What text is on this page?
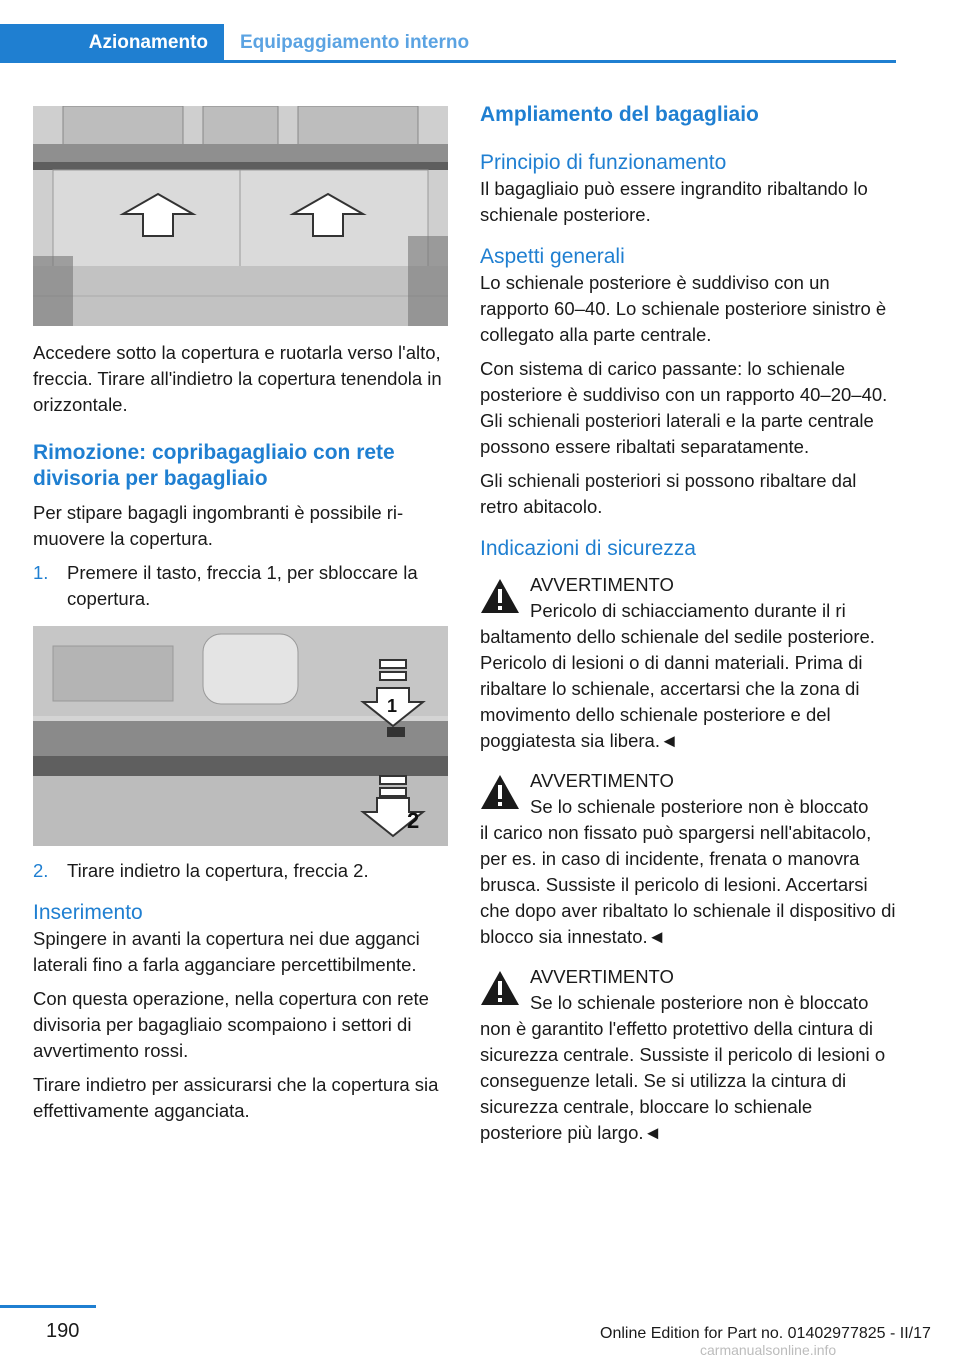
Azionamento	Equipaggiamento interno

Accedere sotto la copertura e ruotarla verso l'alto, freccia. Tirare all'indietro la copertura tenendola in orizzontale.

Rimozione: copribagagliaio con rete divisoria per bagagliaio

Per stipare bagagli ingombranti è possibile rimuovere la copertura.

1.	Premere il tasto, freccia 1, per sbloccare la copertura.
1
2
2.	Tirare indietro la copertura, freccia 2.
Inserimento

Spingere in avanti la copertura nei due agganci laterali fino a farla agganciare percettibilmente.

Con questa operazione, nella copertura con rete divisoria per bagagliaio scompaiono i settori di avvertimento rossi.

Tirare indietro per assicurarsi che la copertura sia effettivamente agganciata.

Ampliamento del bagagliaio
Principio di funzionamento

Il bagagliaio può essere ingrandito ribaltando lo schienale posteriore.

Aspetti generali

Lo schienale posteriore è suddiviso con un rapporto 60–40. Lo schienale posteriore sinistro è collegato alla parte centrale.

Con sistema di carico passante: lo schienale posteriore è suddiviso con un rapporto 40–20–40. Gli schienali posteriori laterali e la parte centrale possono essere ribaltati separatamente.

Gli schienali posteriori si possono ribaltare dal retro abitacolo.

Indicazioni di sicurezza
AVVERTIMENTO
Pericolo di schiacciamento durante il ri
baltamento dello schienale del sedile posteriore. Pericolo di lesioni o di danni materiali. Prima di ribaltare lo schienale, accertarsi che la zona di movimento dello schienale posteriore e del poggiatesta sia libera.◄
AVVERTIMENTO
Se lo schienale posteriore non è bloccato
il carico non fissato può spargersi nell'abitacolo, per es. in caso di incidente, frenata o manovra brusca. Sussiste il pericolo di lesioni. Accertarsi che dopo aver ribaltato lo schienale il dispositivo di blocco sia innestato.◄
AVVERTIMENTO
Se lo schienale posteriore non è bloccato
non è garantito l'effetto protettivo della cintura di sicurezza centrale. Sussiste il pericolo di lesioni o conseguenze letali. Se si utilizza la cintura di sicurezza centrale, bloccare lo schienale posteriore più largo.◄
190	Online Edition for Part no. 01402977825 - II/17
carmanualsonline.info
